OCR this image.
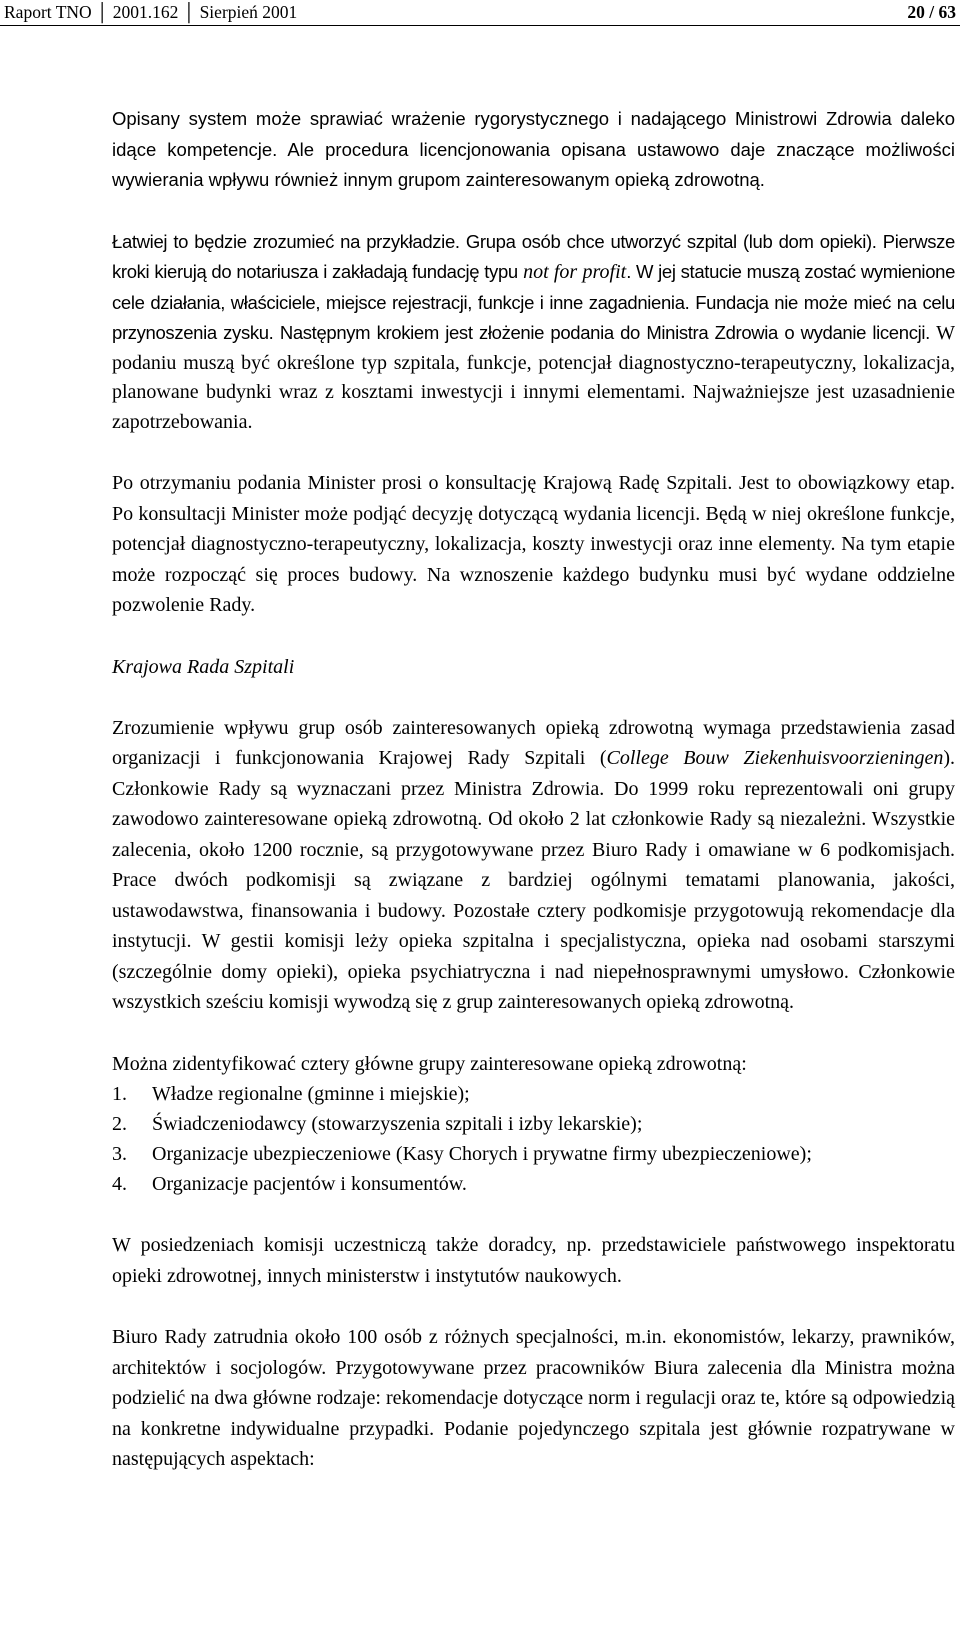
Raport TNO │ 2001.162 │ Sierpień 2001	20 / 63

Opisany system może sprawiać wrażenie rygorystycznego i nadającego Ministrowi Zdrowia daleko idące kompetencje. Ale procedura licencjonowania opisana ustawowo daje znaczące możliwości wywierania wpływu również innym grupom zainteresowanym opieką zdrowotną.

Łatwiej to będzie zrozumieć na przykładzie. Grupa osób chce utworzyć szpital (lub dom opieki). Pierwsze kroki kierują do notariusza i zakładają fundację typu not for profit. W jej statucie muszą zostać wymienione cele działania, właściciele, miejsce rejestracji, funkcje i inne zagadnienia. Fundacja nie może mieć na celu przynoszenia zysku. Następnym krokiem jest złożenie podania do Ministra Zdrowia o wydanie licencji. W podaniu muszą być określone typ szpitala, funkcje, potencjał diagnostyczno-terapeutyczny, lokalizacja, planowane budynki wraz z kosztami inwestycji i innymi elementami. Najważniejsze jest uzasadnienie zapotrzebowania.

Po otrzymaniu podania Minister prosi o konsultację Krajową Radę Szpitali. Jest to obowiązkowy etap. Po konsultacji Minister może podjąć decyzję dotyczącą wydania licencji. Będą w niej określone funkcje, potencjał diagnostyczno-terapeutyczny, lokalizacja, koszty inwestycji oraz inne elementy. Na tym etapie może rozpocząć się proces budowy. Na wznoszenie każdego budynku musi być wydane oddzielne pozwolenie Rady.

Krajowa Rada Szpitali

Zrozumienie wpływu grup osób zainteresowanych opieką zdrowotną wymaga przedstawienia zasad organizacji i funkcjonowania Krajowej Rady Szpitali (College Bouw Ziekenhuisvoorzieningen). Członkowie Rady są wyznaczani przez Ministra Zdrowia. Do 1999 roku reprezentowali oni grupy zawodowo zainteresowane opieką zdrowotną. Od około 2 lat członkowie Rady są niezależni. Wszystkie zalecenia, około 1200 rocznie, są przygotowywane przez Biuro Rady i omawiane w 6 podkomisjach. Prace dwóch podkomisji są związane z bardziej ogólnymi tematami planowania, jakości, ustawodawstwa, finansowania i budowy. Pozostałe cztery podkomisje przygotowują rekomendacje dla instytucji. W gestii komisji leży opieka szpitalna i specjalistyczna, opieka nad osobami starszymi (szczególnie domy opieki), opieka psychiatryczna i nad niepełnosprawnymi umysłowo. Członkowie wszystkich sześciu komisji wywodzą się z grup zainteresowanych opieką zdrowotną.

Można zidentyfikować cztery główne grupy zainteresowane opieką zdrowotną:

1. Władze regionalne (gminne i miejskie);
2. Świadczeniodawcy (stowarzyszenia szpitali i izby lekarskie);
3. Organizacje ubezpieczeniowe (Kasy Chorych i prywatne firmy ubezpieczeniowe);
4. Organizacje pacjentów i konsumentów.

W posiedzeniach komisji uczestniczą także doradcy, np. przedstawiciele państwowego inspektoratu opieki zdrowotnej, innych ministerstw i instytutów naukowych.

Biuro Rady zatrudnia około 100 osób z różnych specjalności, m.in. ekonomistów, lekarzy, prawników, architektów i socjologów. Przygotowywane przez pracowników Biura zalecenia dla Ministra można podzielić na dwa główne rodzaje: rekomendacje dotyczące norm i regulacji oraz te, które są odpowiedzią na konkretne indywidualne przypadki. Podanie pojedynczego szpitala jest głównie rozpatrywane w następujących aspektach:
